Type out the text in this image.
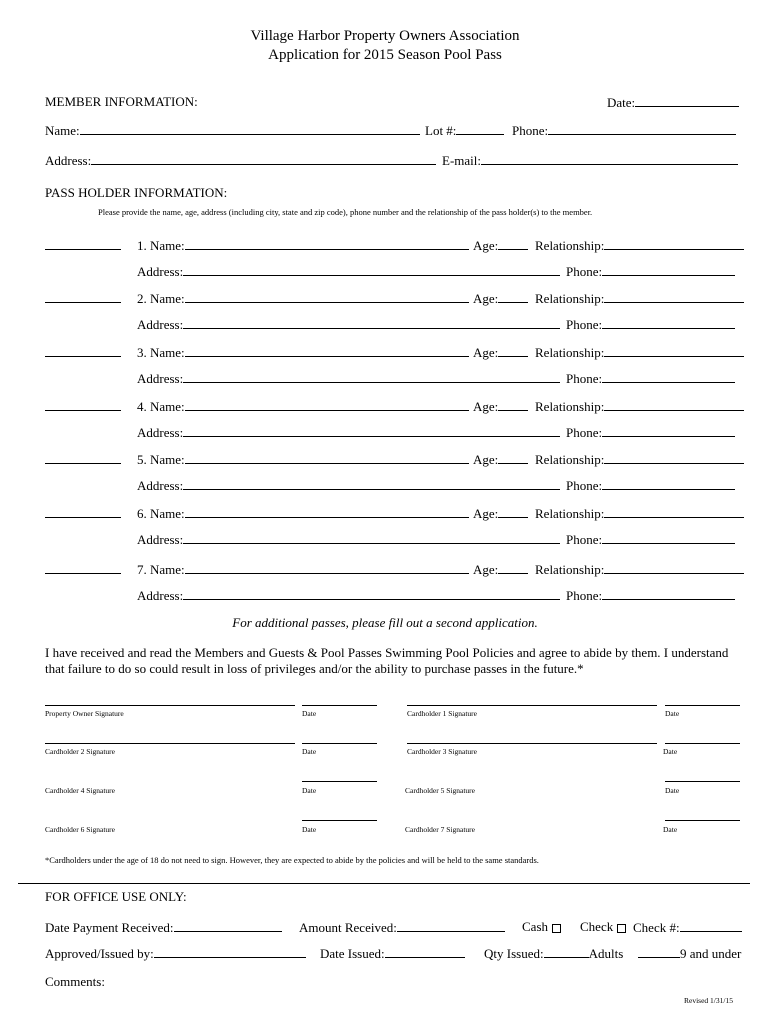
Village Harbor Property Owners Association
Application for 2015 Season Pool Pass
MEMBER INFORMATION:	Date:
Name:	Lot #:	Phone:
Address:	E-mail:
PASS HOLDER INFORMATION:
Please provide the name, age, address (including city, state and zip code), phone number and the relationship of the pass holder(s) to the member.
1. Name:	Age:	Relationship:
Address:	Phone:
2. Name:	Age:	Relationship:
Address:	Phone:
3. Name:	Age:	Relationship:
Address:	Phone:
4. Name:	Age:	Relationship:
Address:	Phone:
5. Name:	Age:	Relationship:
Address:	Phone:
6. Name:	Age:	Relationship:
Address:	Phone:
7. Name:	Age:	Relationship:
Address:	Phone:
For additional passes, please fill out a second application.
I have received and read the Members and Guests & Pool Passes Swimming Pool Policies and agree to abide by them. I understand that failure to do so could result in loss of privileges and/or the ability to purchase passes in the future.*
Property Owner Signature	Date	Cardholder 1 Signature	Date
Cardholder 2 Signature	Date	Cardholder 3 Signature	Date
Cardholder 4 Signature	Date	Cardholder 5 Signature	Date
Cardholder 6 Signature	Date	Cardholder 7 Signature	Date
*Cardholders under the age of 18 do not need to sign. However, they are expected to abide by the policies and will be held to the same standards.
FOR OFFICE USE ONLY:
Date Payment Received:	Amount Received:	Cash	Check	Check #:
Approved/Issued by:	Date Issued:	Qty Issued:	Adults	9 and under
Comments:
Revised 1/31/15
